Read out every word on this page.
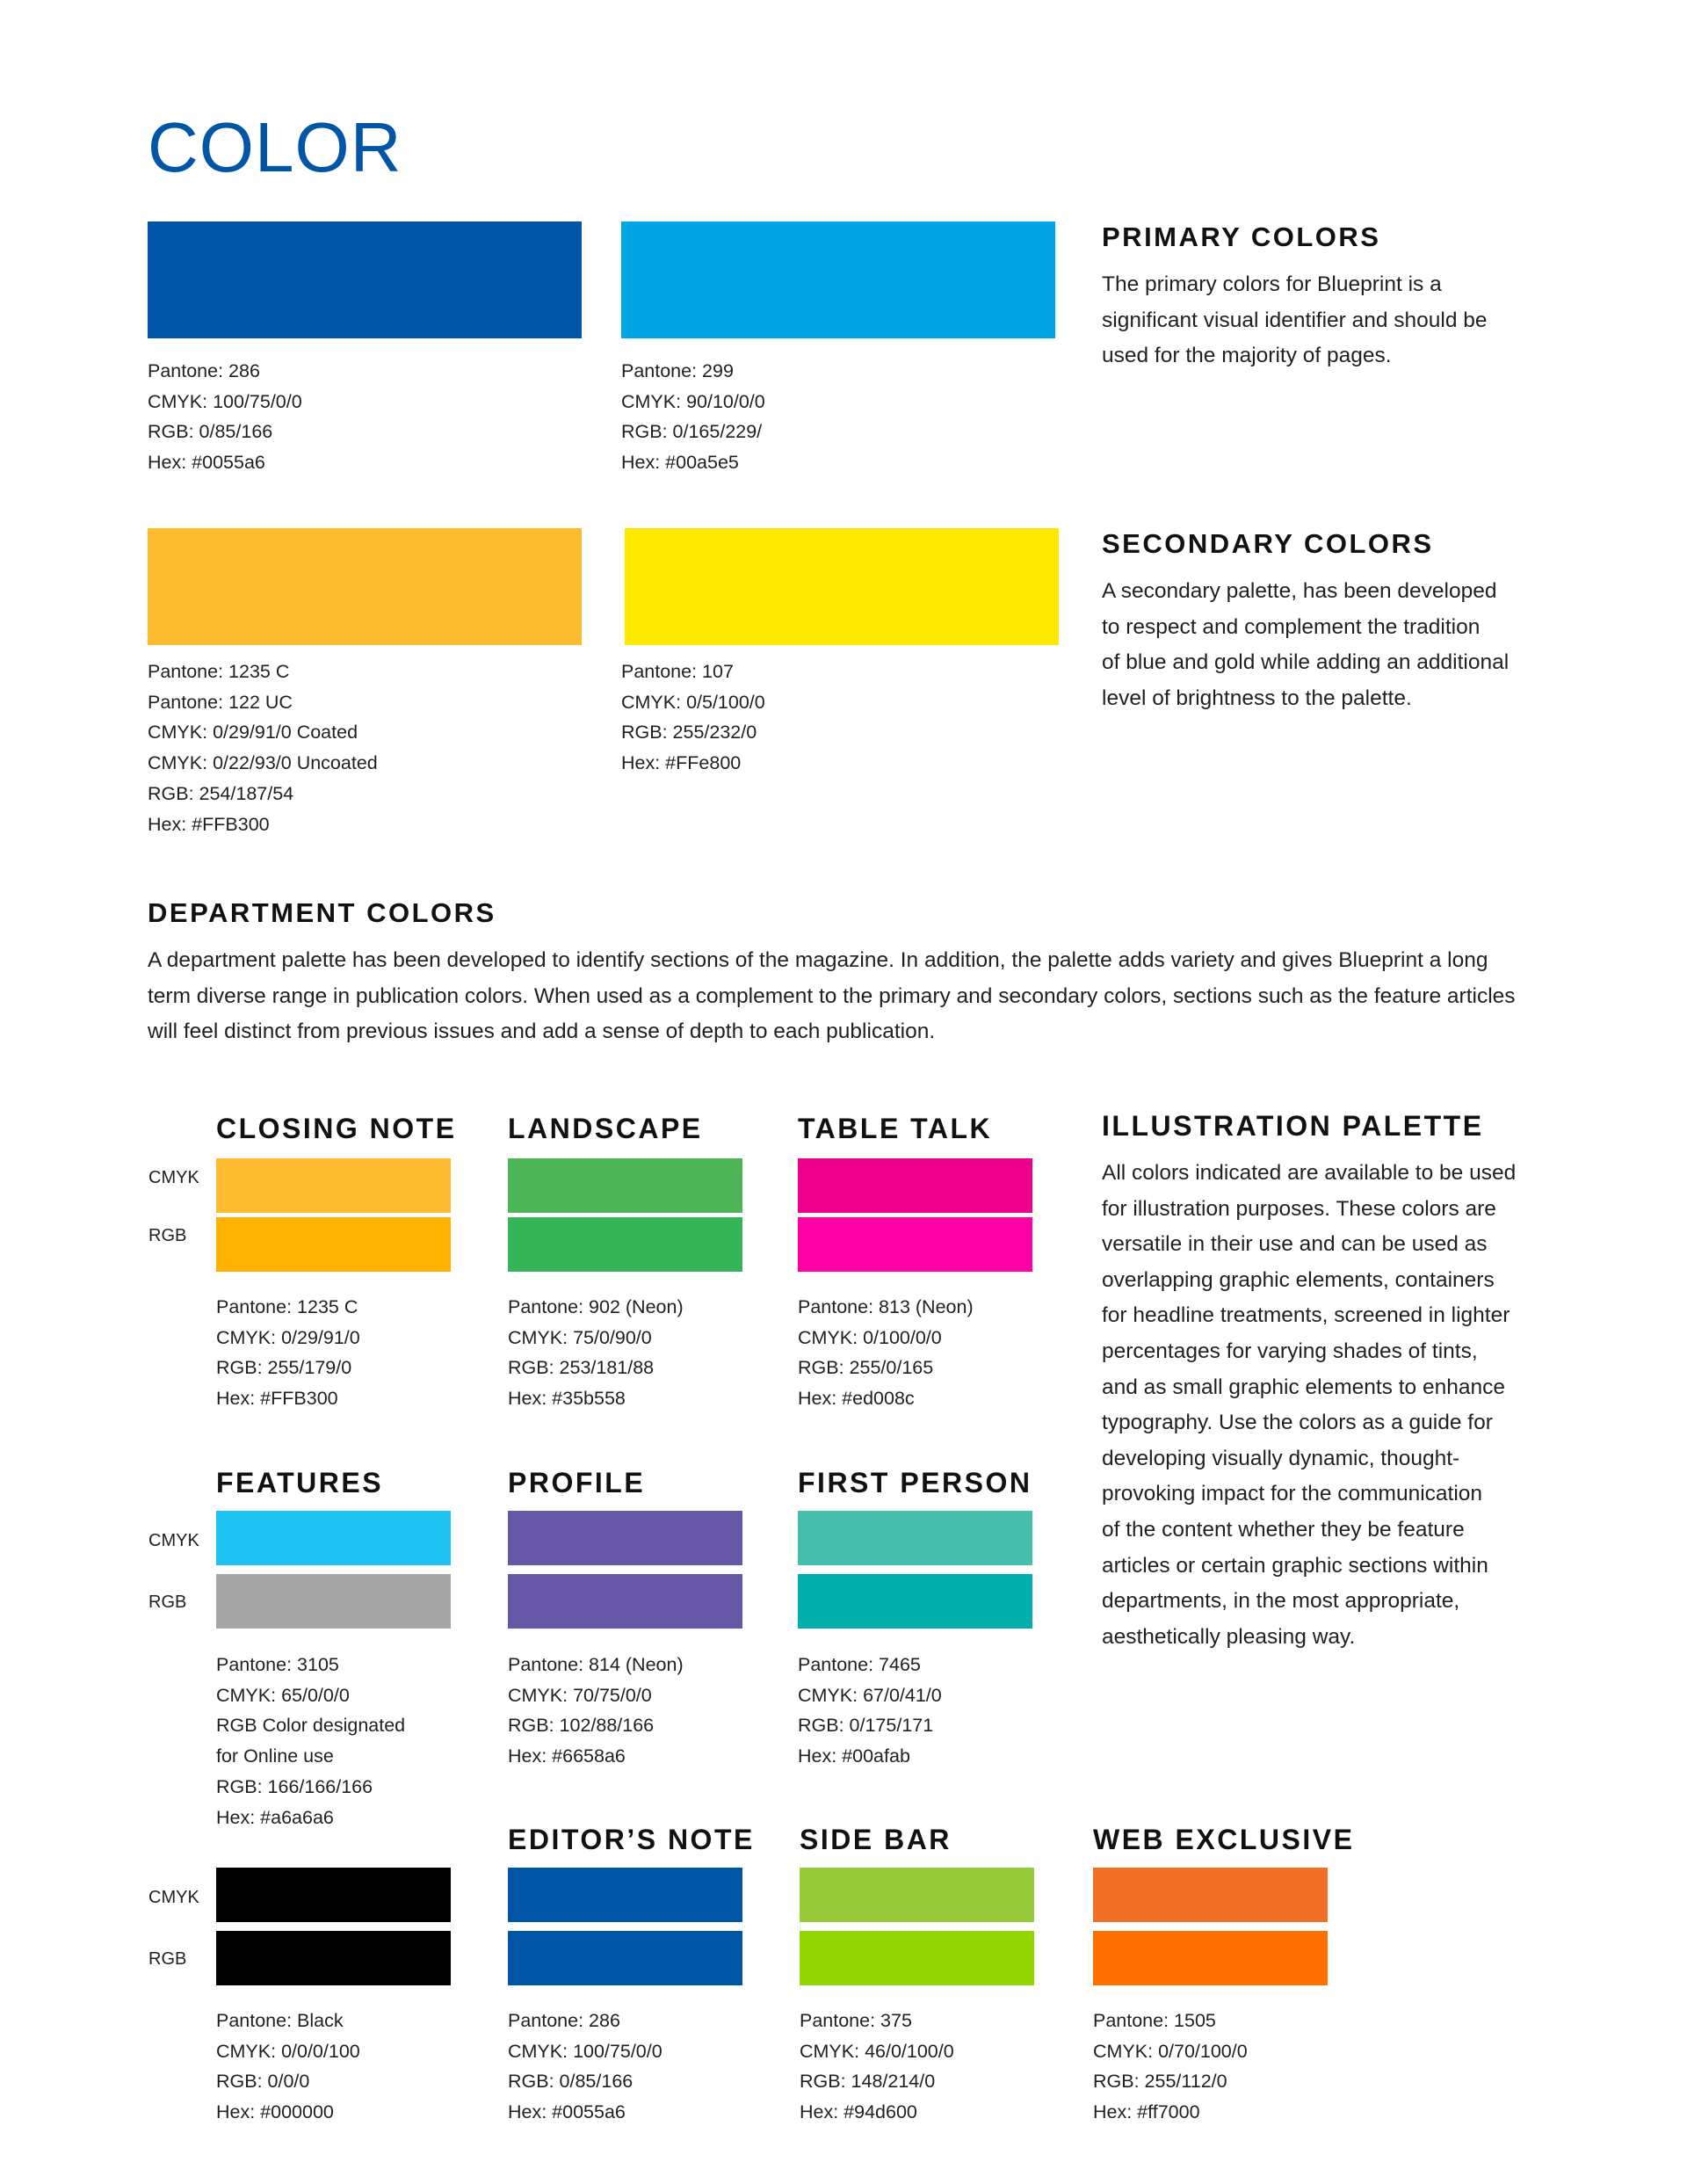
COLOR
Pantone: 286
CMYK: 100/75/0/0
RGB: 0/85/166
Hex: #0055a6
Pantone: 299
CMYK: 90/10/0/0
RGB: 0/165/229/
Hex: #00a5e5
PRIMARY COLORS
The primary colors for Blueprint is a
significant visual identifier and should be
used for the majority of pages.
Pantone: 1235 C
Pantone: 122 UC
CMYK: 0/29/91/0 Coated
CMYK: 0/22/93/0 Uncoated
RGB: 254/187/54
Hex: #FFB300
Pantone: 107
CMYK: 0/5/100/0
RGB: 255/232/0
Hex: #FFe800
SECONDARY COLORS
A secondary palette, has been developed
to respect and complement the tradition
of blue and gold while adding an additional
level of brightness to the palette.
DEPARTMENT COLORS
A department palette has been developed to identify sections of the magazine. In addition, the palette adds variety and gives Blueprint a long
term diverse range in publication colors. When used as a complement to the primary and secondary colors, sections such as the feature articles
will feel distinct from previous issues and add a sense of depth to each publication.
ILLUSTRATION PALETTE
All colors indicated are available to be used
for illustration purposes. These colors are
versatile in their use and can be used as
overlapping graphic elements, containers
for headline treatments, screened in lighter
percentages for varying shades of tints,
and as small graphic elements to enhance
typography. Use the colors as a guide for
developing visually dynamic, thought-
provoking impact for the communication
of the content whether they be feature
articles or certain graphic sections within
departments, in the most appropriate,
aesthetically pleasing way.
CMYK
RGB
CMYK
RGB
CMYK
RGB
CLOSING NOTE
Pantone: 1235 C
CMYK: 0/29/91/0
RGB: 255/179/0
Hex: #FFB300
LANDSCAPE
Pantone: 902 (Neon)
CMYK: 75/0/90/0
RGB: 253/181/88
Hex: #35b558
TABLE TALK
Pantone: 813 (Neon)
CMYK: 0/100/0/0
RGB: 255/0/165
Hex: #ed008c
FEATURES
Pantone: 3105
CMYK: 65/0/0/0
RGB Color designated
for Online use
RGB: 166/166/166
Hex: #a6a6a6
PROFILE
Pantone: 814 (Neon)
CMYK: 70/75/0/0
RGB: 102/88/166
Hex: #6658a6
FIRST PERSON
Pantone: 7465
CMYK: 67/0/41/0
RGB: 0/175/171
Hex: #00afab
Pantone: Black
CMYK: 0/0/0/100
RGB: 0/0/0
Hex: #000000
EDITOR’S NOTE
Pantone: 286
CMYK: 100/75/0/0
RGB: 0/85/166
Hex: #0055a6
SIDE BAR
Pantone: 375
CMYK: 46/0/100/0
RGB: 148/214/0
Hex: #94d600
WEB EXCLUSIVE
Pantone: 1505
CMYK: 0/70/100/0
RGB: 255/112/0
Hex: #ff7000
